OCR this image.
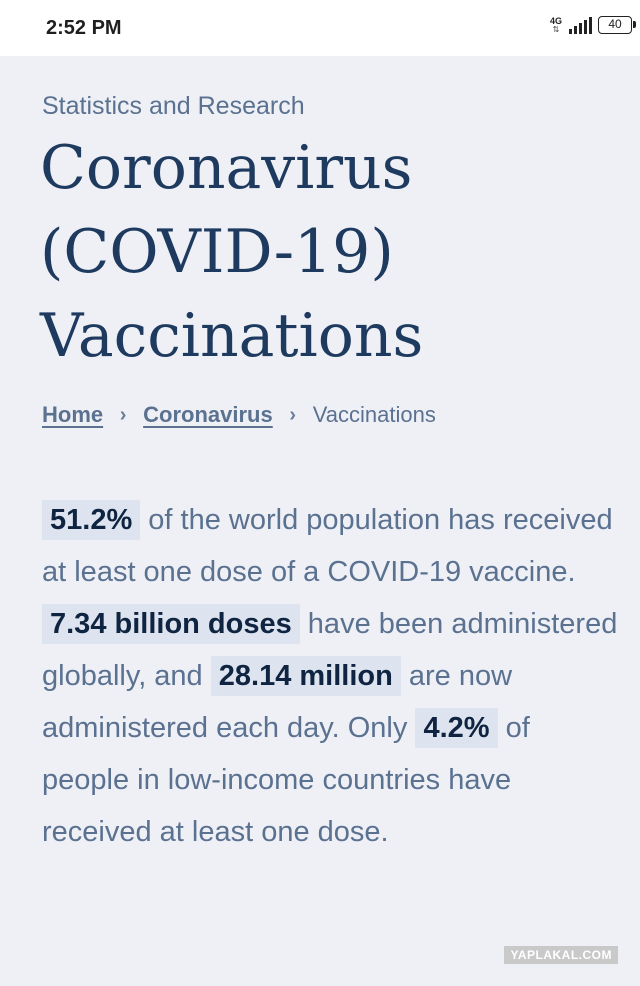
2:52 PM	4G
⇅	40
Statistics and Research
Coronavirus
(COVID-19)
Vaccinations
Home › Coronavirus › Vaccinations

51.2% of the world population has received at least one dose of a COVID-19 vaccine.
7.34 billion doses have been administered globally, and 28.14 million are now administered each day. Only 4.2% of people in low-income countries have received at least one dose.

YAPLAKAL.COM
